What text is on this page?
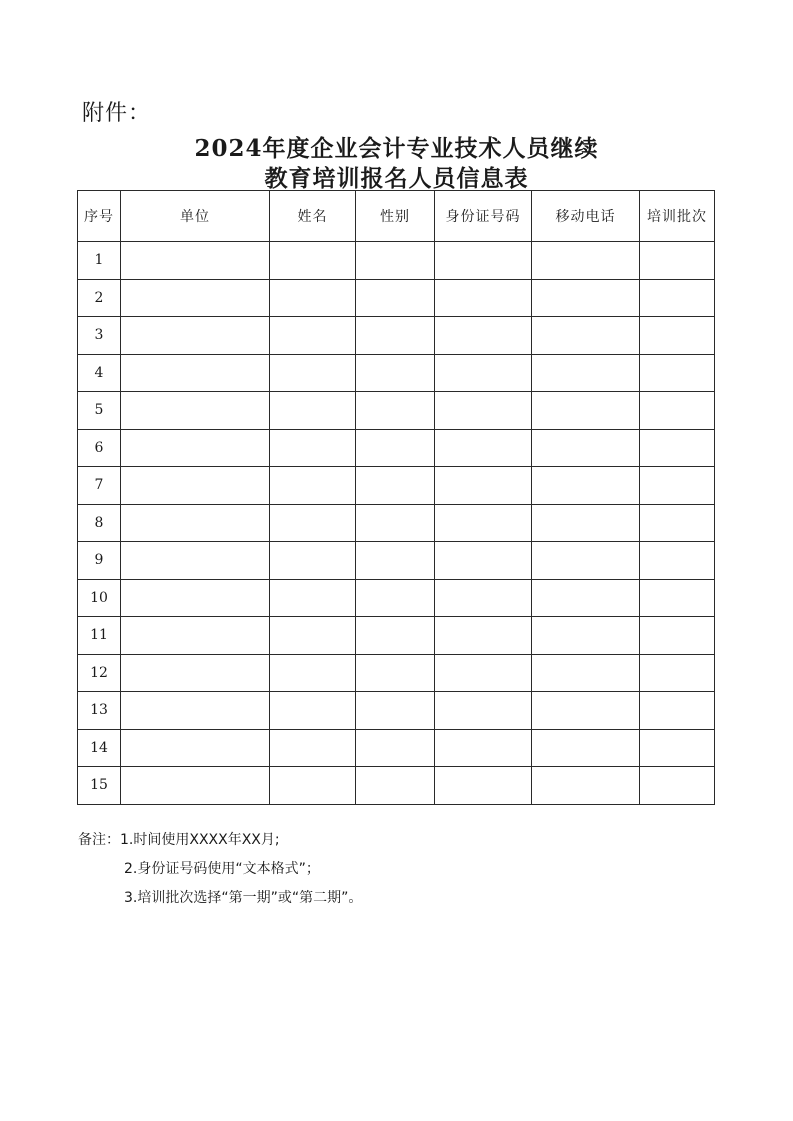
附件：
2024年度企业会计专业技术人员继续
教育培训报名人员信息表
序号	单位	姓名	性别	身份证号码	移动电话	培训批次
1						
2						
3						
4						
5						
6						
7						
8						
9						
10						
11						
12						
13						
14						
15						
备注：1.时间使用XXXX年XX月;
2.身份证号码使用“文本格式”；
3.培训批次选择“第一期”或“第二期”。
